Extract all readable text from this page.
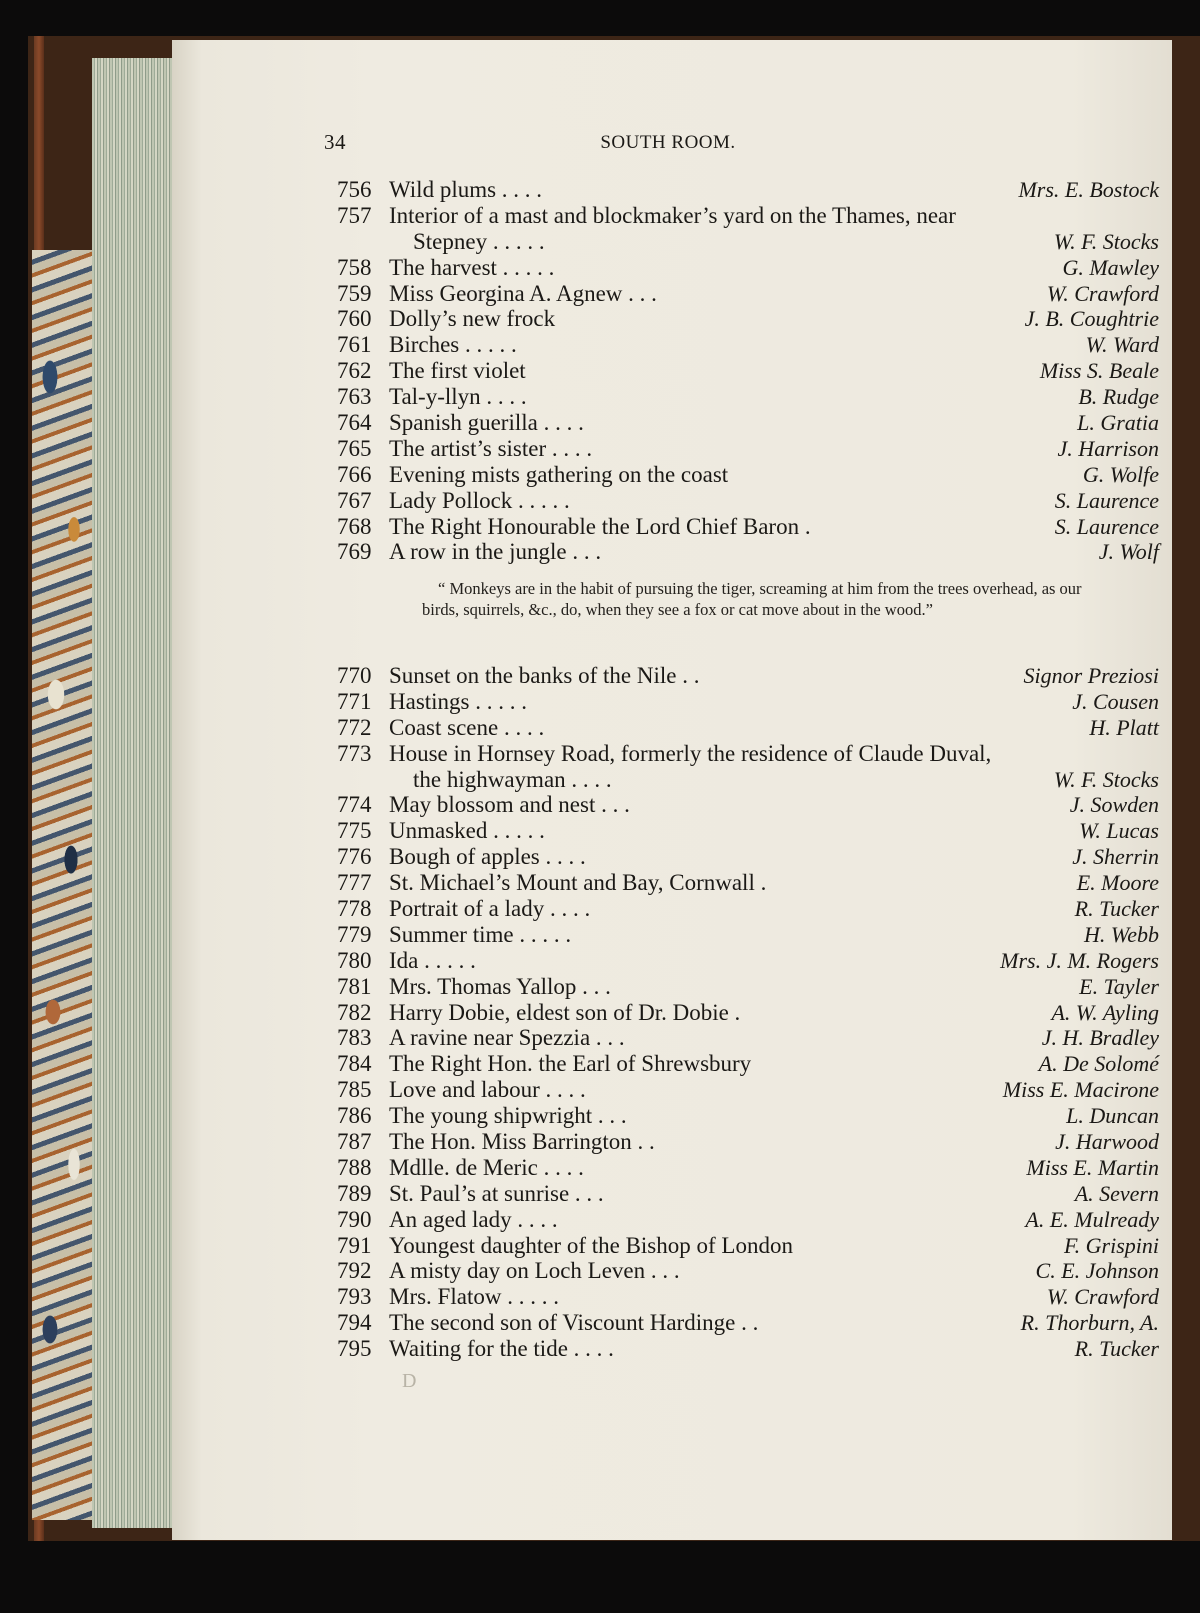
34	SOUTH ROOM.
756 Wild plums . . . .	Mrs. E. Bostock
757 Interior of a mast and blockmaker’s yard on the Thames, near
Stepney . . . . .	W. F. Stocks
758 The harvest . . . . .	G. Mawley
759 Miss Georgina A. Agnew . . .	W. Crawford
760 Dolly’s new frock	J. B. Coughtrie
761 Birches . . . . .	W. Ward
762 The first violet	Miss S. Beale
763 Tal-y-llyn . . . .	B. Rudge
764 Spanish guerilla . . . .	L. Gratia
765 The artist’s sister . . . .	J. Harrison
766 Evening mists gathering on the coast	G. Wolfe
767 Lady Pollock . . . . .	S. Laurence
768 The Right Honourable the Lord Chief Baron .	S. Laurence
769 A row in the jungle . . .	J. Wolf
“ Monkeys are in the habit of pursuing the tiger, screaming at him from the trees overhead, as our birds, squirrels, &c., do, when they see a fox or cat move about in the wood.”
770 Sunset on the banks of the Nile . .	Signor Preziosi
771 Hastings . . . . .	J. Cousen
772 Coast scene . . . .	H. Platt
773 House in Hornsey Road, formerly the residence of Claude Duval,
the highwayman . . . .	W. F. Stocks
774 May blossom and nest . . .	J. Sowden
775 Unmasked . . . . .	W. Lucas
776 Bough of apples . . . .	J. Sherrin
777 St. Michael’s Mount and Bay, Cornwall .	E. Moore
778 Portrait of a lady . . . .	R. Tucker
779 Summer time . . . . .	H. Webb
780 Ida . . . . .	Mrs. J. M. Rogers
781 Mrs. Thomas Yallop . . .	E. Tayler
782 Harry Dobie, eldest son of Dr. Dobie .	A. W. Ayling
783 A ravine near Spezzia . . .	J. H. Bradley
784 The Right Hon. the Earl of Shrewsbury	A. De Solomé
785 Love and labour . . . .	Miss E. Macirone
786 The young shipwright . . .	L. Duncan
787 The Hon. Miss Barrington . .	J. Harwood
788 Mdlle. de Meric . . . .	Miss E. Martin
789 St. Paul’s at sunrise . . .	A. Severn
790 An aged lady . . . .	A. E. Mulready
791 Youngest daughter of the Bishop of London	F. Grispini
792 A misty day on Loch Leven . . .	C. E. Johnson
793 Mrs. Flatow . . . . .	W. Crawford
794 The second son of Viscount Hardinge . .	R. Thorburn, A.
795 Waiting for the tide . . . .	R. Tucker
D
